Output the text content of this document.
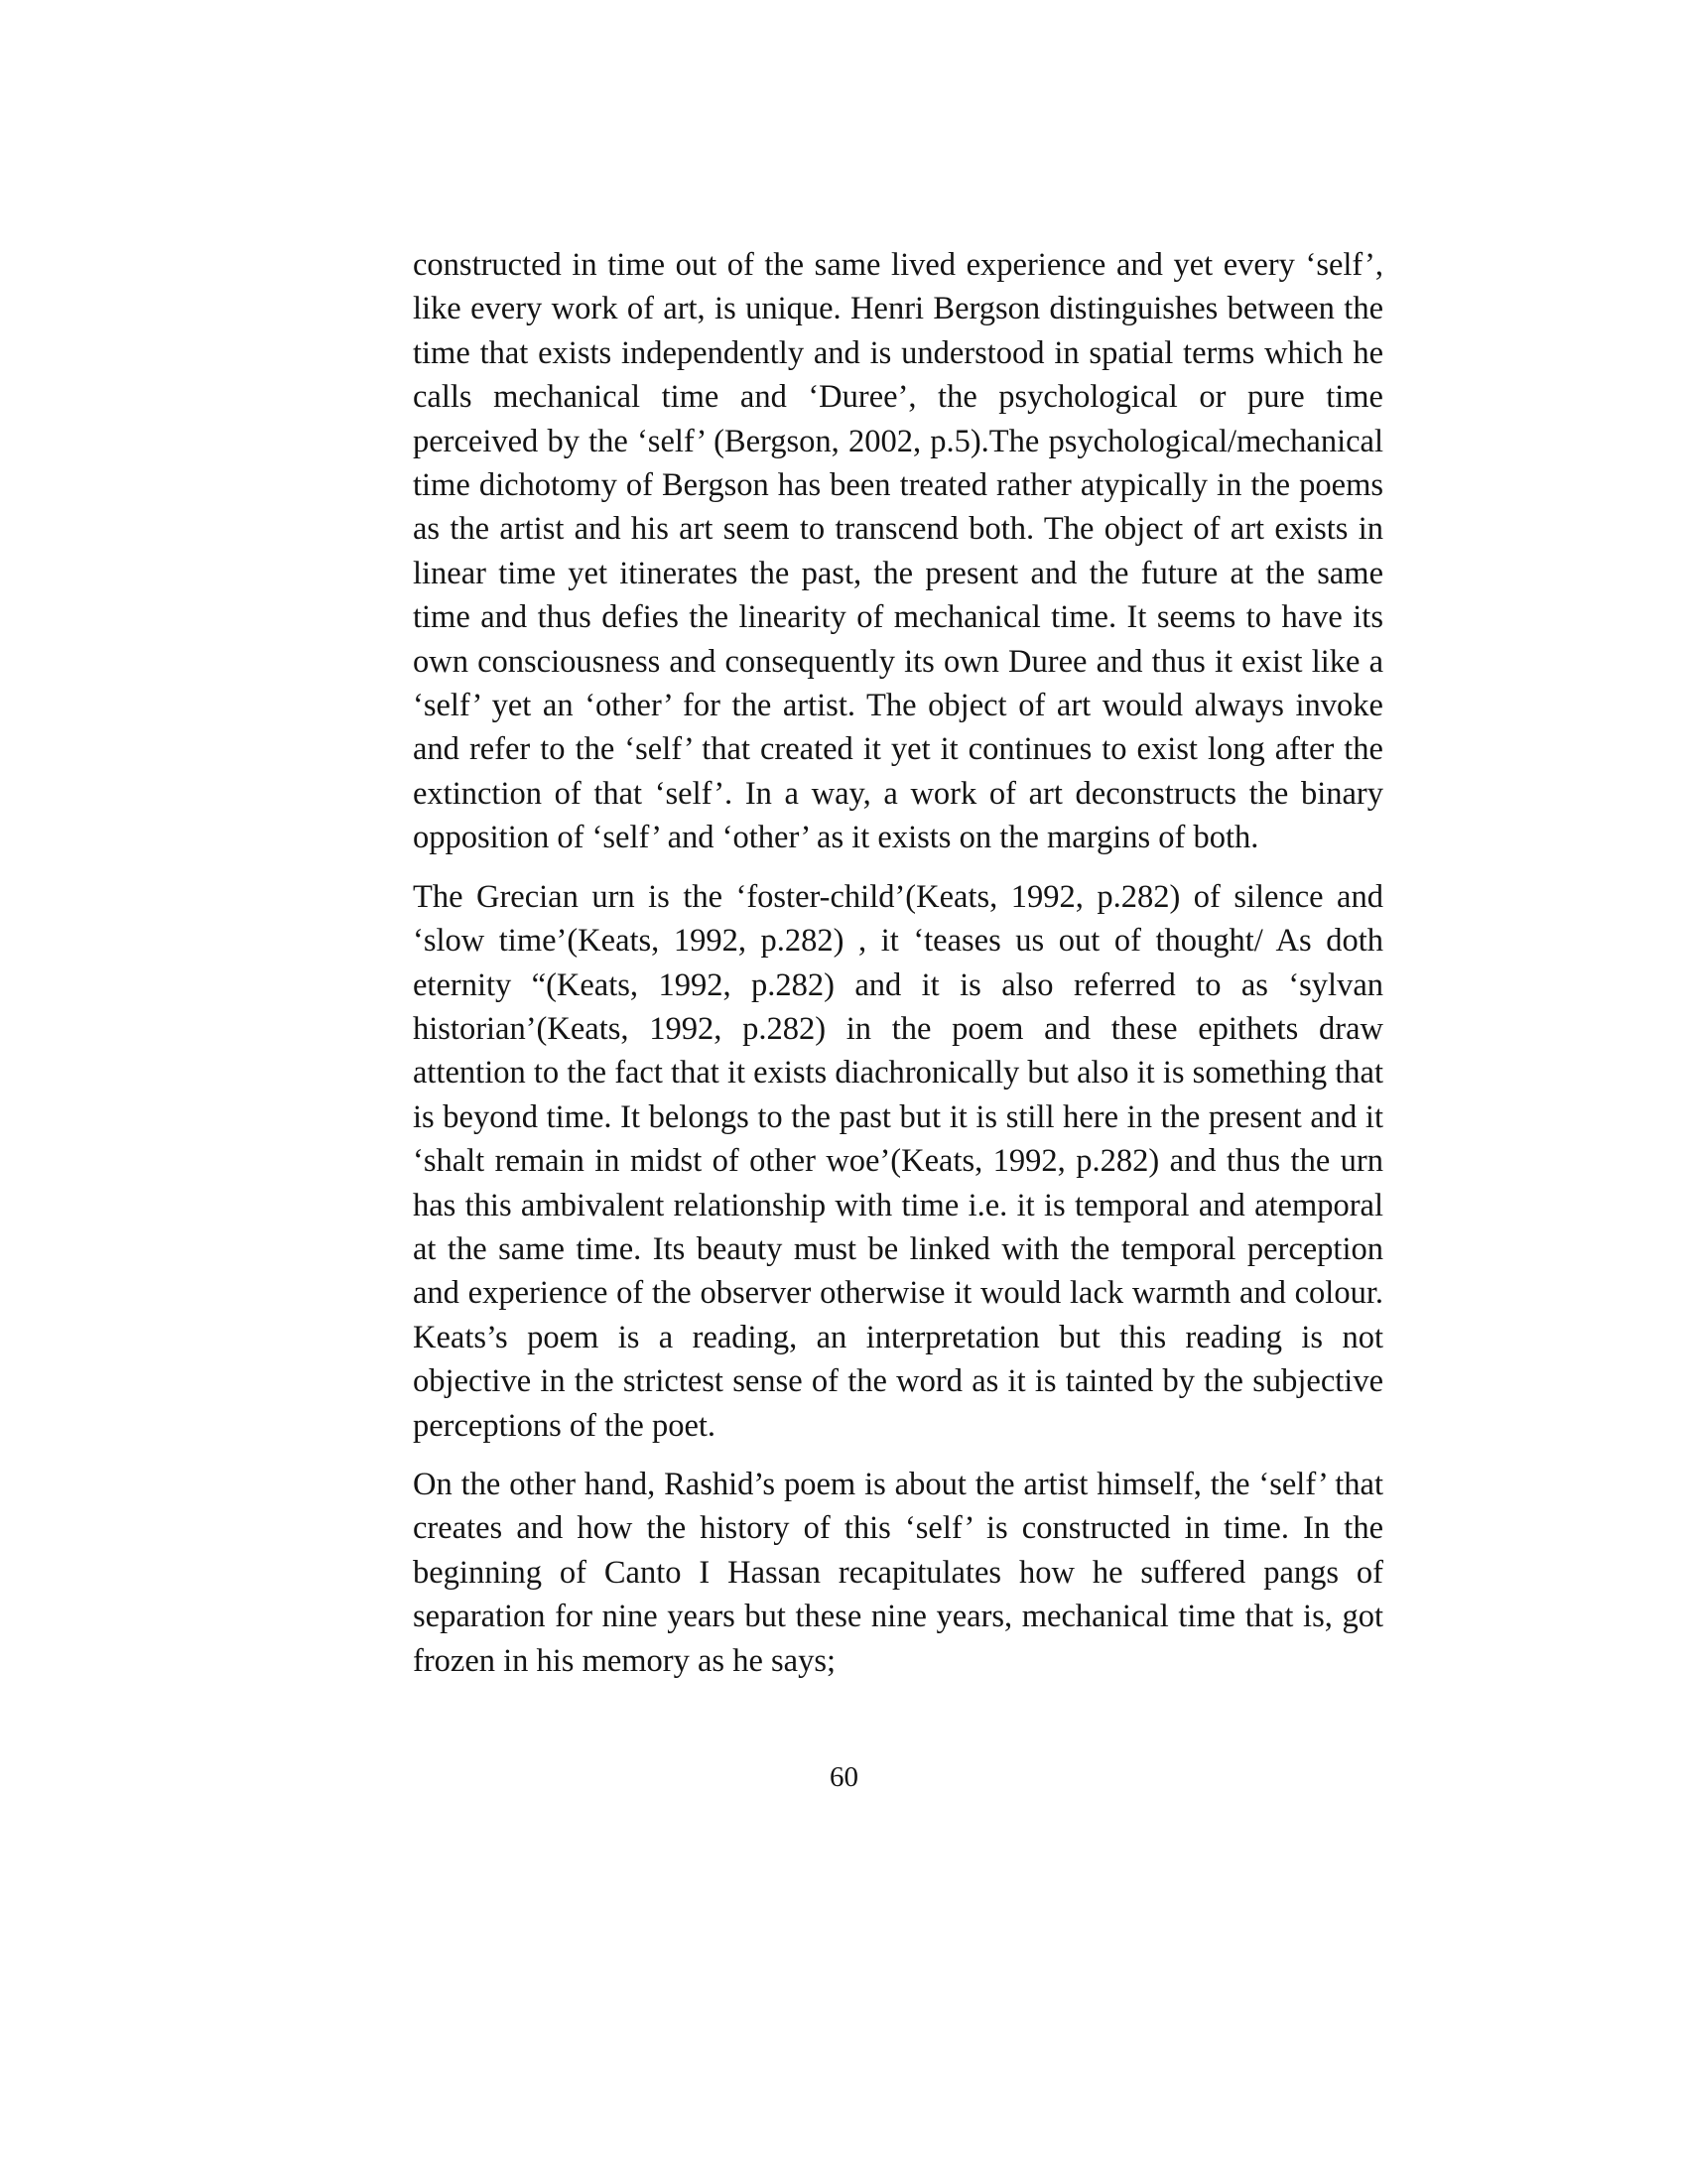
constructed in time out of the same lived experience and yet every ‘self’, like every work of art, is unique. Henri Bergson distinguishes between the time that exists independently and is understood in spatial terms which he calls mechanical time and ‘Duree’, the psychological or pure time perceived by the ‘self’ (Bergson, 2002, p.5).The psychological/mechanical time dichotomy of Bergson has been treated rather atypically in the poems as the artist and his art seem to transcend both. The object of art exists in linear time yet itinerates the past, the present and the future at the same time and thus defies the linearity of mechanical time. It seems to have its own consciousness and consequently its own Duree and thus it exist like a ‘self’ yet an ‘other’ for the artist. The object of art would always invoke and refer to the ‘self’ that created it yet it continues to exist long after the extinction of that ‘self’. In a way, a work of art deconstructs the binary opposition of ‘self’ and ‘other’ as it exists on the margins of both.

The Grecian urn is the ‘foster-child’(Keats, 1992, p.282) of silence and ‘slow time’(Keats, 1992, p.282) , it ‘teases us out of thought/ As doth eternity “(Keats, 1992, p.282) and it is also referred to as ‘sylvan historian’(Keats, 1992, p.282) in the poem and these epithets draw attention to the fact that it exists diachronically but also it is something that is beyond time. It belongs to the past but it is still here in the present and it ‘shalt remain in midst of other woe’(Keats, 1992, p.282) and thus the urn has this ambivalent relationship with time i.e. it is temporal and atemporal at the same time. Its beauty must be linked with the temporal perception and experience of the observer otherwise it would lack warmth and colour. Keats’s poem is a reading, an interpretation but this reading is not objective in the strictest sense of the word as it is tainted by the subjective perceptions of the poet.

On the other hand, Rashid’s poem is about the artist himself, the ‘self’ that creates and how the history of this ‘self’ is constructed in time. In the beginning of Canto I Hassan recapitulates how he suffered pangs of separation for nine years but these nine years, mechanical time that is, got frozen in his memory as he says;

60
